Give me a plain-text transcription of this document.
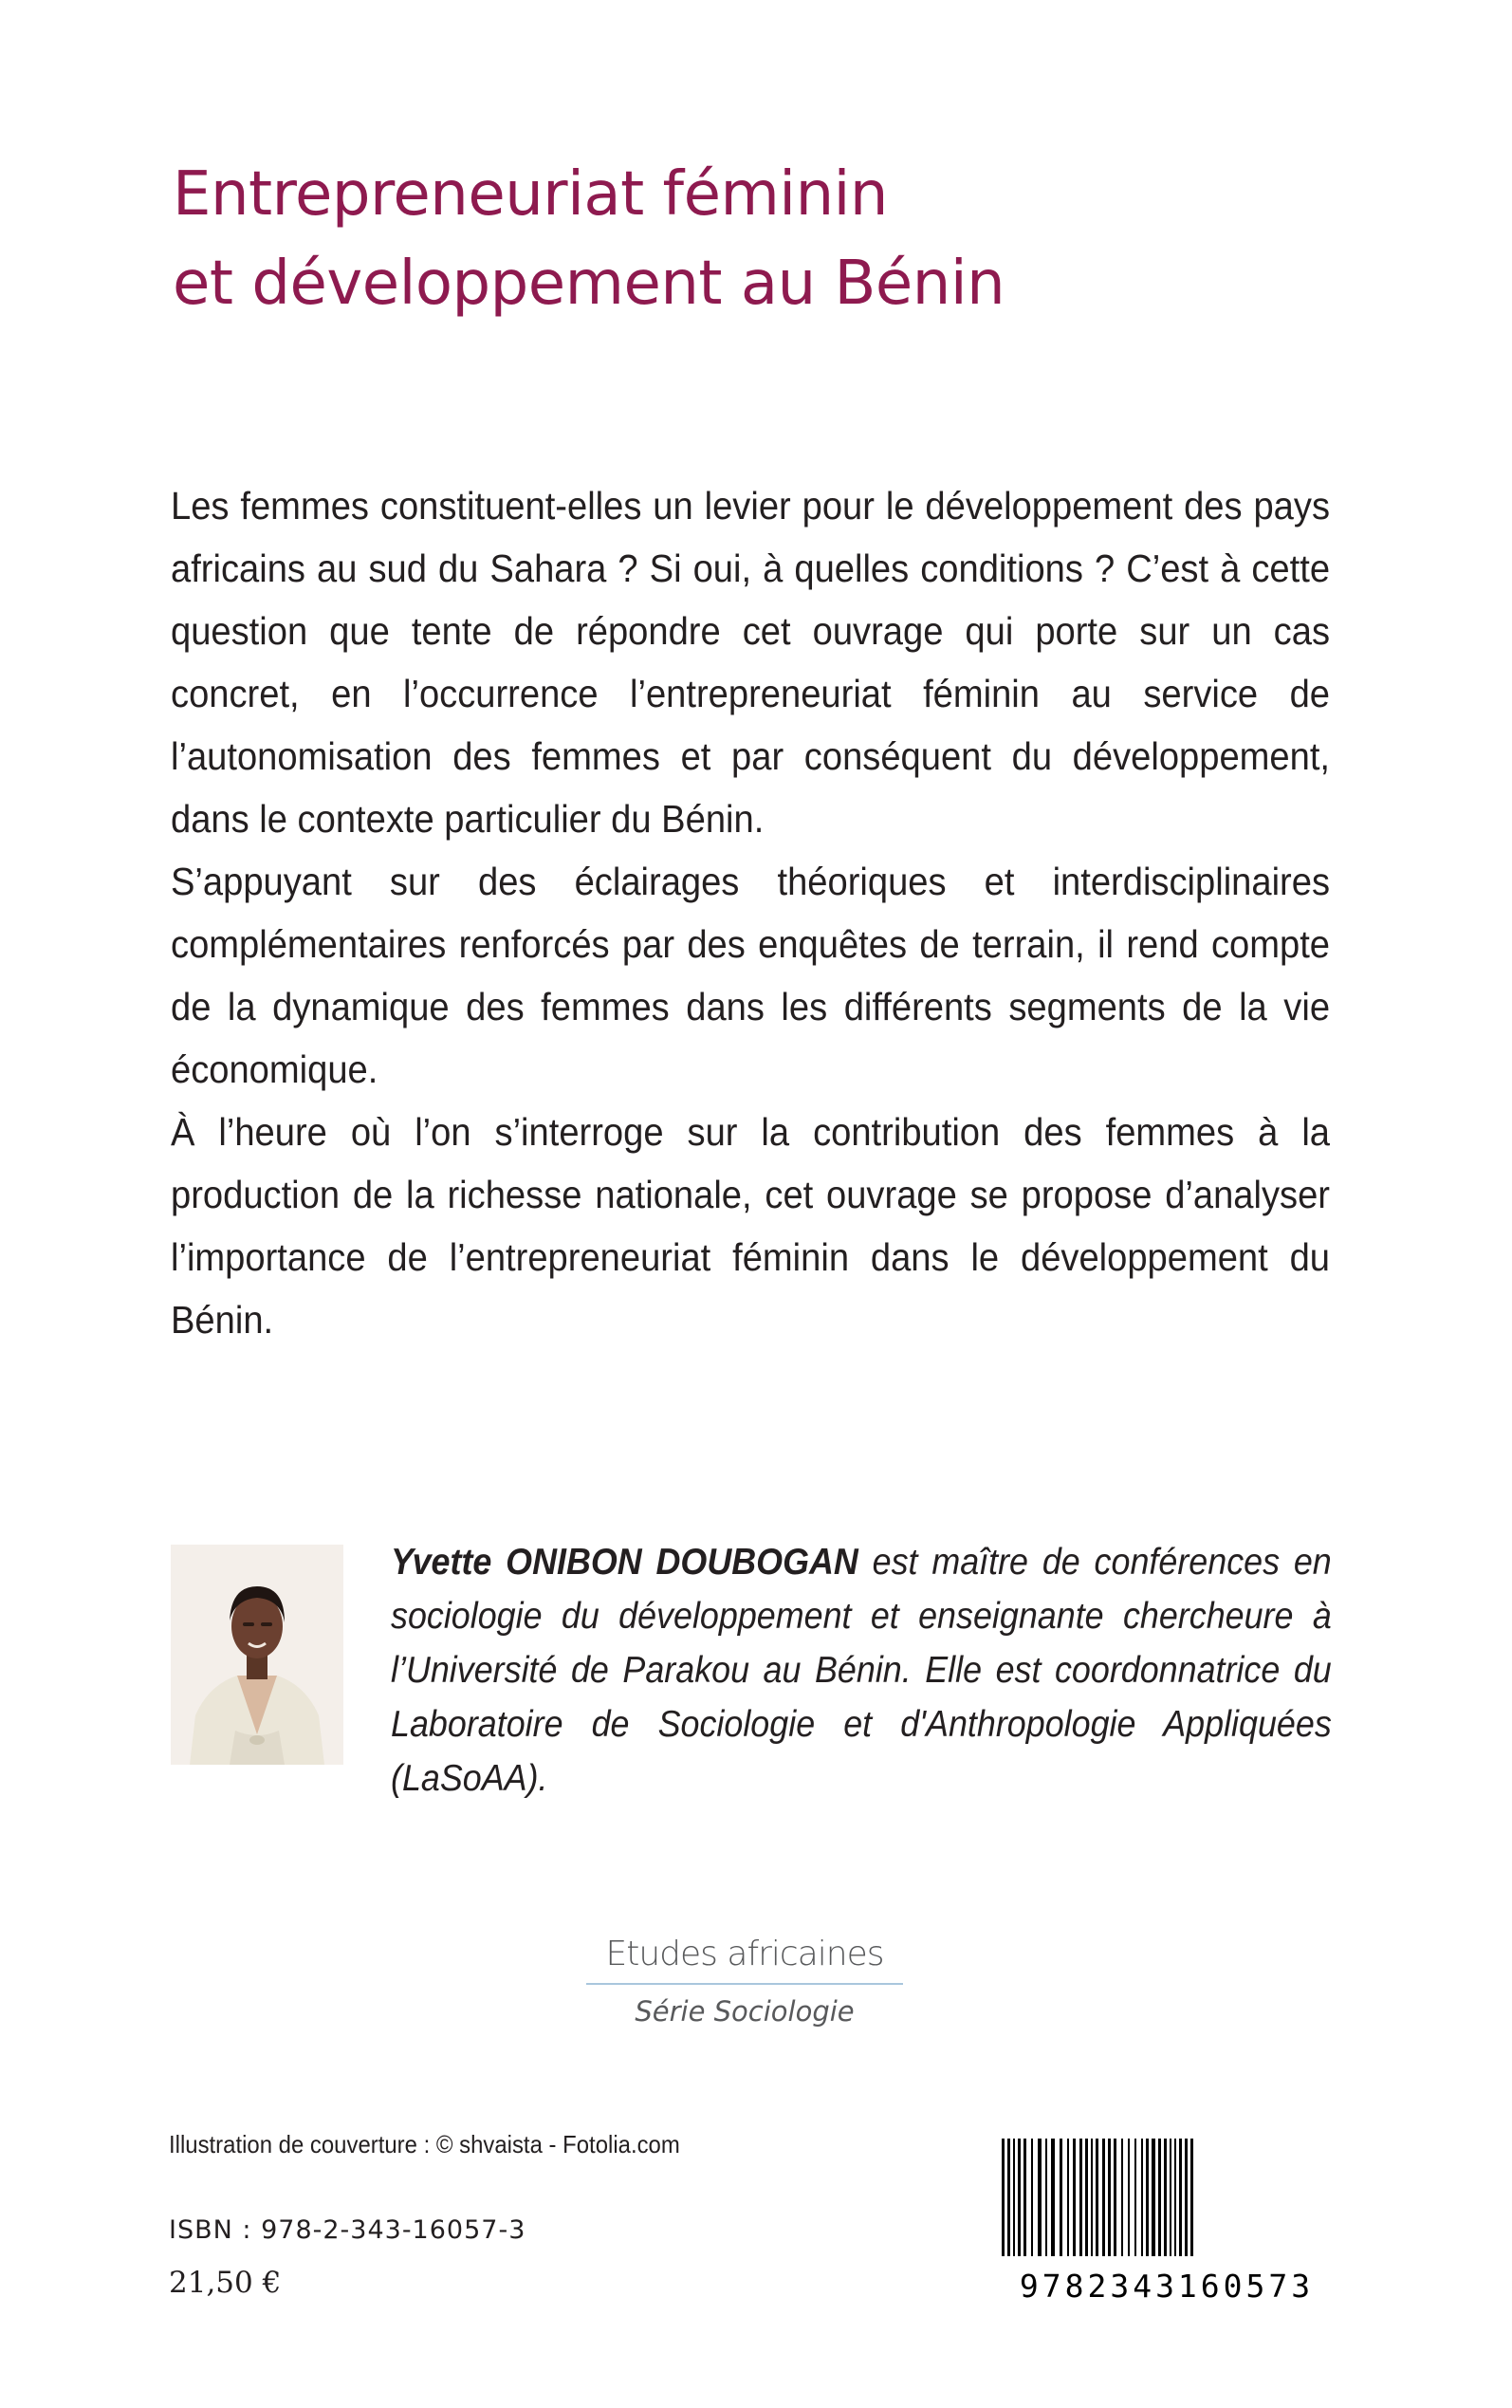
Entrepreneuriat féminin
et développement au Bénin

Les femmes constituent-elles un levier pour le développement des pays africains au sud du Sahara ? Si oui, à quelles conditions ? C’est à cette question que tente de répondre cet ouvrage qui porte sur un cas concret, en l’occurrence l’entrepreneuriat féminin au service de l’autonomisation des femmes et par conséquent du développement, dans le contexte particulier du Bénin.

S’appuyant sur des éclairages théoriques et interdisciplinaires complémentaires renforcés par des enquêtes de terrain, il rend compte de la dynamique des femmes dans les différents segments de la vie économique.

À l’heure où l’on s’interroge sur la contribution des femmes à la production de la richesse nationale, cet ouvrage se propose d’analyser l’importance de l’entrepreneuriat féminin dans le développement du Bénin.

Yvette ONIBON DOUBOGAN est maître de conférences en sociologie du développement et enseignante chercheure à l’Université de Parakou au Bénin. Elle est coordonnatrice du Laboratoire de Sociologie et d'Anthropologie Appliquées (LaSoAA).
Etudes africaines
Série Sociologie
Illustration de couverture : © shvaista - Fotolia.com
ISBN : 978-2-343-16057-3
21,50 €	9782343160573
